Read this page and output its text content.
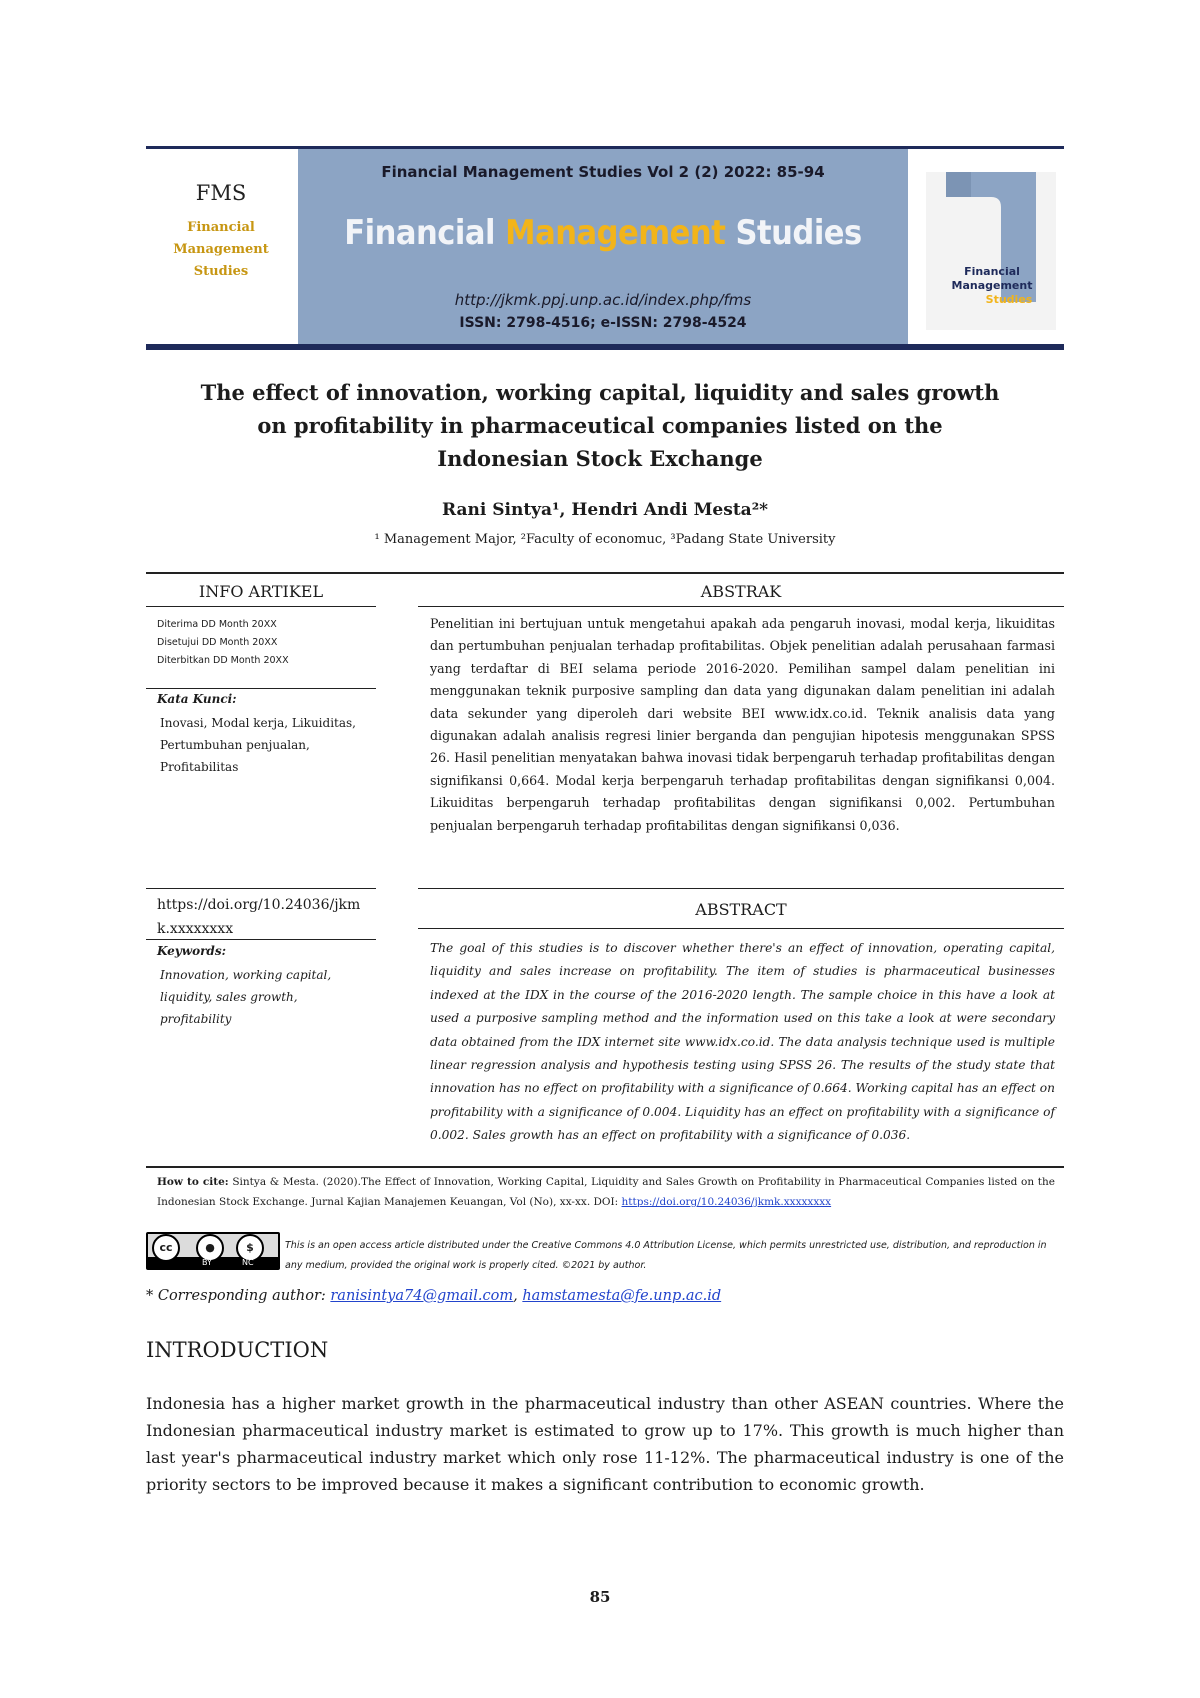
FMS
Financial Management Studies
Financial Management Studies Vol 2 (2) 2022: 85-94
Financial Management Studies
http://jkmk.ppj.unp.ac.id/index.php/fms
ISSN: 2798-4516; e-ISSN: 2798-4524
Financial
Management
Studies
The effect of innovation, working capital, liquidity and sales growth on profitability in pharmaceutical companies listed on the Indonesian Stock Exchange
Rani Sintya¹, Hendri Andi Mesta²*
¹ Management Major, ²Faculty of economuc, ³Padang State University
INFO ARTIKEL	ABSTRAK
Diterima DD Month 20XX
Disetujui DD Month 20XX
Diterbitkan DD Month 20XX
Kata Kunci:
Inovasi, Modal kerja, Likuiditas, Pertumbuhan penjualan, Profitabilitas
Penelitian ini bertujuan untuk mengetahui apakah ada pengaruh inovasi, modal kerja, likuiditas dan pertumbuhan penjualan terhadap profitabilitas. Objek penelitian adalah perusahaan farmasi yang terdaftar di BEI selama periode 2016-2020. Pemilihan sampel dalam penelitian ini menggunakan teknik purposive sampling dan data yang digunakan dalam penelitian ini adalah data sekunder yang diperoleh dari website BEI www.idx.co.id. Teknik analisis data yang digunakan adalah analisis regresi linier berganda dan pengujian hipotesis menggunakan SPSS 26. Hasil penelitian menyatakan bahwa inovasi tidak berpengaruh terhadap profitabilitas dengan signifikansi 0,664. Modal kerja berpengaruh terhadap profitabilitas dengan signifikansi 0,004. Likuiditas berpengaruh terhadap profitabilitas dengan signifikansi 0,002. Pertumbuhan penjualan berpengaruh terhadap profitabilitas dengan signifikansi 0,036.
https://doi.org/10.24036/jkmk.xxxxxxxx
ABSTRACT
Keywords:
Innovation, working capital, liquidity, sales growth, profitability
The goal of this studies is to discover whether there's an effect of innovation, operating capital, liquidity and sales increase on profitability. The item of studies is pharmaceutical businesses indexed at the IDX in the course of the 2016-2020 length. The sample choice in this have a look at used a purposive sampling method and the information used on this take a look at were secondary data obtained from the IDX internet site www.idx.co.id. The data analysis technique used is multiple linear regression analysis and hypothesis testing using SPSS 26. The results of the study state that innovation has no effect on profitability with a significance of 0.664. Working capital has an effect on profitability with a significance of 0.004. Liquidity has an effect on profitability with a significance of 0.002. Sales growth has an effect on profitability with a significance of 0.036.
How to cite: Sintya & Mesta. (2020).The Effect of Innovation, Working Capital, Liquidity and Sales Growth on Profitability in Pharmaceutical Companies listed on the Indonesian Stock Exchange. Jurnal Kajian Manajemen Keuangan, Vol (No), xx-xx. DOI: https://doi.org/10.24036/jkmk.xxxxxxxx
cc	●	$
BY	NC
This is an open access article distributed under the Creative Commons 4.0 Attribution License, which permits unrestricted use, distribution, and reproduction in any medium, provided the original work is properly cited. ©2021 by author.
* Corresponding author: ranisintya74@gmail.com, hamstamesta@fe.unp.ac.id
INTRODUCTION
Indonesia has a higher market growth in the pharmaceutical industry than other ASEAN countries. Where the Indonesian pharmaceutical industry market is estimated to grow up to 17%. This growth is much higher than last year's pharmaceutical industry market which only rose 11-12%. The pharmaceutical industry is one of the priority sectors to be improved because it makes a significant contribution to economic growth.
85
